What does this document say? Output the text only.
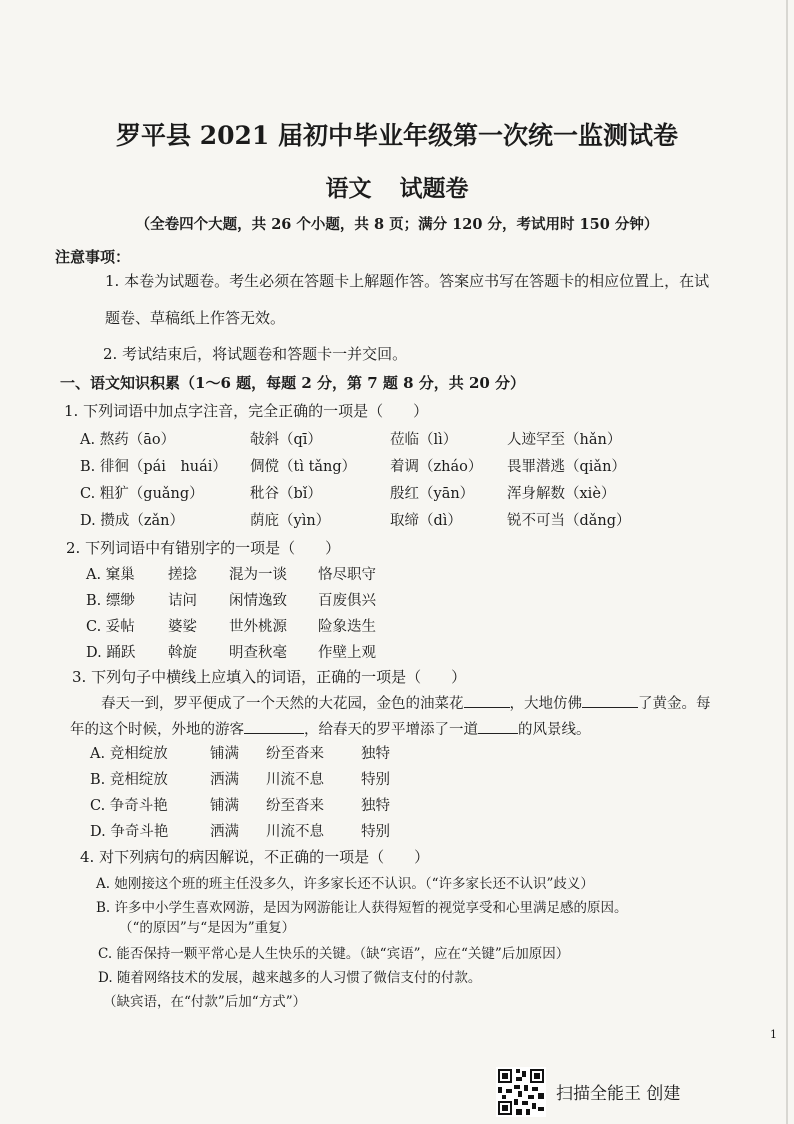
罗平县 2021 届初中毕业年级第一次统一监测试卷
语文 试题卷
（全卷四个大题，共 26 个小题，共 8 页；满分 120 分，考试用时 150 分钟）
注意事项：
1. 本卷为试题卷。考生必须在答题卡上解题作答。答案应书写在答题卡的相应位置上，在试
题卷、草稿纸上作答无效。
2. 考试结束后，将试题卷和答题卡一并交回。
一、语文知识积累（1～6 题，每题 2 分，第 7 题 8 分，共 20 分）
1. 下列词语中加点字注音，完全正确的一项是（　　）
A. 熬药（āo）	敧斜（qī）	莅临（lì）	人迹罕至（hǎn）
B. 徘徊（pái　huái） 倜傥（tì tǎng） 着调（zháo） 畏罪潜逃（qiǎn）
C. 粗犷（guǎng）	秕谷（bǐ）	殷红（yān） 浑身解数（xiè）
D. 攒成（zǎn）	荫庇（yìn）	取缔（dì）	锐不可当（dǎng）
2. 下列词语中有错别字的一项是（　　）
A. 窠巢 搓捻 混为一谈 恪尽职守
B. 缥缈 诘问 闲情逸致 百废俱兴
C. 妥帖 婆娑 世外桃源 险象迭生
D. 踊跃 斡旋 明查秋毫 作壁上观
3. 下列句子中横线上应填入的词语，正确的一项是（　　）
春天一到，罗平便成了一个天然的大花园，金色的油菜花	，大地仿佛	了黄金。每
年的这个时候，外地的游客	，给春天的罗平增添了一道	的风景线。
A. 竞相绽放	铺满 纷至沓来	独特
B. 竞相绽放	洒满 川流不息	特别
C. 争奇斗艳	铺满 纷至沓来	独特
D. 争奇斗艳	洒满 川流不息	特别
4. 对下列病句的病因解说，不正确的一项是（　　）
A. 她刚接这个班的班主任没多久，许多家长还不认识。（“许多家长还不认识”歧义）
B. 许多中小学生喜欢网游，是因为网游能让人获得短暂的视觉享受和心里满足感的原因。
（“的原因”与“是因为”重复）
C. 能否保持一颗平常心是人生快乐的关键。（缺“宾语”，应在“关键”后加原因）
D. 随着网络技术的发展，越来越多的人习惯了微信支付的付款。
（缺宾语，在“付款”后加“方式”）
1
扫描全能王 创建
